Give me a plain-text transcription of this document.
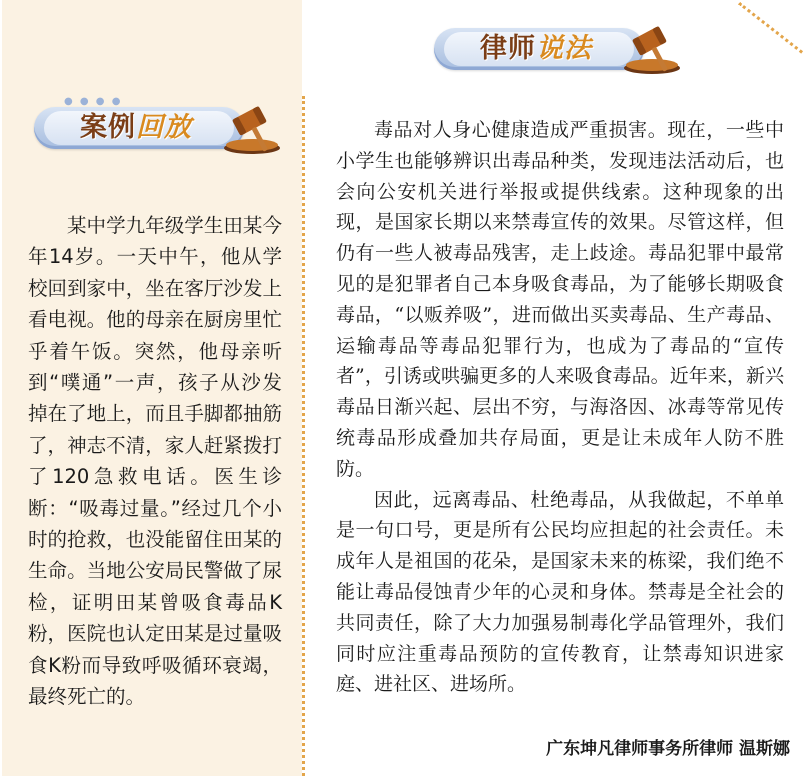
● ● ● ●
案例回放

某中学九年级学生田某今年14岁。一天中午，他从学校回到家中，坐在客厅沙发上看电视。他的母亲在厨房里忙乎着午饭。突然，他母亲听到“噗通”一声，孩子从沙发掉在了地上，而且手脚都抽筋了，神志不清，家人赶紧拨打了120急救电话。医生诊断：“吸毒过量。”经过几个小时的抢救，也没能留住田某的生命。当地公安局民警做了尿检，证明田某曾吸食毒品K粉，医院也认定田某是过量吸食K粉而导致呼吸循环衰竭，最终死亡的。

律师说法

毒品对人身心健康造成严重损害。现在，一些中小学生也能够辨识出毒品种类，发现违法活动后，也会向公安机关进行举报或提供线索。这种现象的出现，是国家长期以来禁毒宣传的效果。尽管这样，但仍有一些人被毒品残害，走上歧途。毒品犯罪中最常见的是犯罪者自己本身吸食毒品，为了能够长期吸食毒品，“以贩养吸”，进而做出买卖毒品、生产毒品、运输毒品等毒品犯罪行为，也成为了毒品的“宣传者”，引诱或哄骗更多的人来吸食毒品。近年来，新兴毒品日渐兴起、层出不穷，与海洛因、冰毒等常见传统毒品形成叠加共存局面，更是让未成年人防不胜防。

因此，远离毒品、杜绝毒品，从我做起，不单单是一句口号，更是所有公民均应担起的社会责任。未成年人是祖国的花朵，是国家未来的栋梁，我们绝不能让毒品侵蚀青少年的心灵和身体。禁毒是全社会的共同责任，除了大力加强易制毒化学品管理外，我们同时应注重毒品预防的宣传教育，让禁毒知识进家庭、进社区、进场所。

广东坤凡律师事务所律师 温斯娜
